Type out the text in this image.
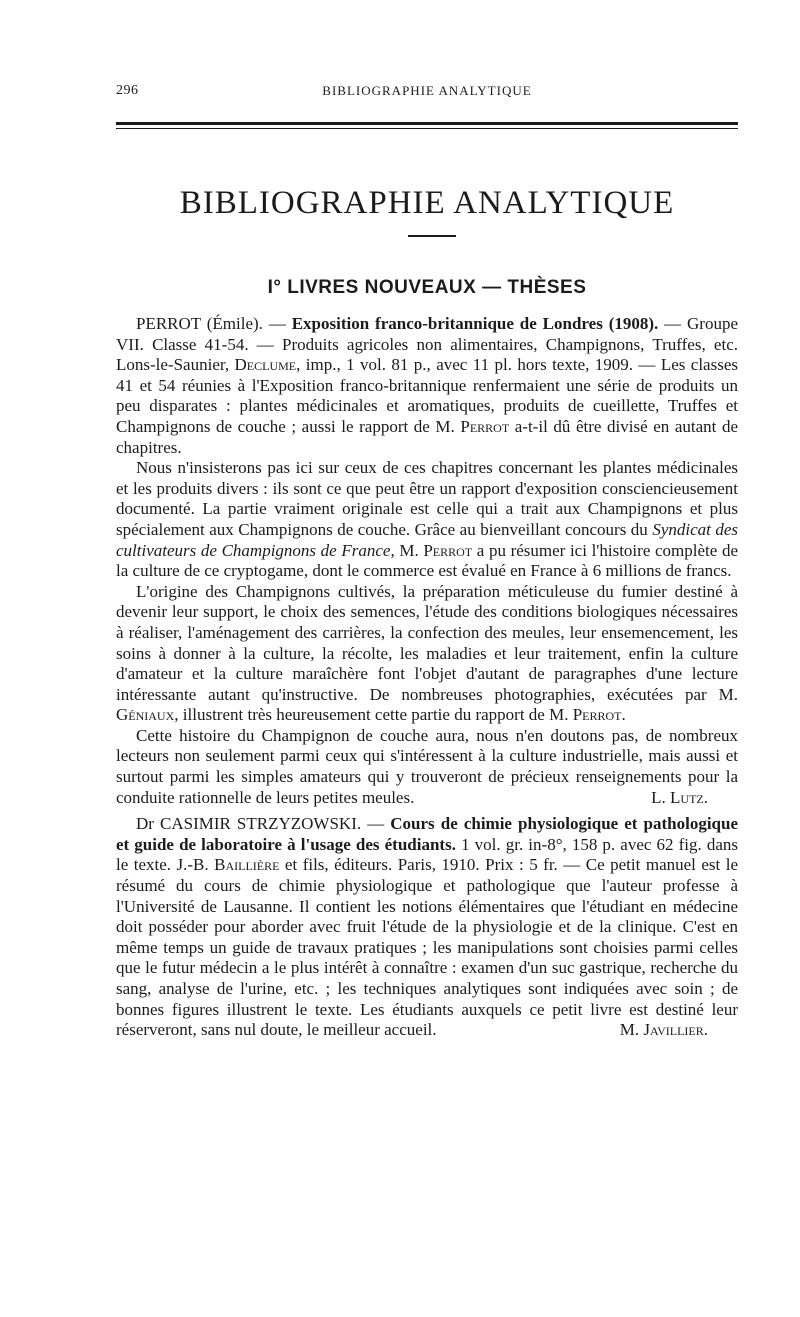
296	BIBLIOGRAPHIE ANALYTIQUE
BIBLIOGRAPHIE ANALYTIQUE
I° LIVRES NOUVEAUX — THÈSES

PERROT (Émile). — Exposition franco-britannique de Londres (1908). — Groupe VII. Classe 41-54. — Produits agricoles non alimentaires, Champignons, Truffes, etc. Lons-le-Saunier, Declume, imp., 1 vol. 81 p., avec 11 pl. hors texte, 1909. — Les classes 41 et 54 réunies à l'Exposition franco-britannique renfermaient une série de produits un peu disparates : plantes médicinales et aromatiques, produits de cueillette, Truffes et Champignons de couche ; aussi le rapport de M. Perrot a-t-il dû être divisé en autant de chapitres.

Nous n'insisterons pas ici sur ceux de ces chapitres concernant les plantes médicinales et les produits divers : ils sont ce que peut être un rapport d'exposition consciencieusement documenté. La partie vraiment originale est celle qui a trait aux Champignons et plus spécialement aux Champignons de couche. Grâce au bienveillant concours du Syndicat des cultivateurs de Champignons de France, M. Perrot a pu résumer ici l'histoire complète de la culture de ce cryptogame, dont le commerce est évalué en France à 6 millions de francs.

L'origine des Champignons cultivés, la préparation méticuleuse du fumier destiné à devenir leur support, le choix des semences, l'étude des conditions biologiques nécessaires à réaliser, l'aménagement des carrières, la confection des meules, leur ensemencement, les soins à donner à la culture, la récolte, les maladies et leur traitement, enfin la culture d'amateur et la culture maraîchère font l'objet d'autant de paragraphes d'une lecture intéressante autant qu'instructive. De nombreuses photographies, exécutées par M. Géniaux, illustrent très heureusement cette partie du rapport de M. Perrot.

Cette histoire du Champignon de couche aura, nous n'en doutons pas, de nombreux lecteurs non seulement parmi ceux qui s'intéressent à la culture industrielle, mais aussi et surtout parmi les simples amateurs qui y trouveront de précieux renseignements pour la conduite rationnelle de leurs petites meules.	L. Lutz.

Dr CASIMIR STRZYZOWSKI. — Cours de chimie physiologique et pathologique et guide de laboratoire à l'usage des étudiants. 1 vol. gr. in-8°, 158 p. avec 62 fig. dans le texte. J.-B. Baillière et fils, éditeurs. Paris, 1910. Prix : 5 fr. — Ce petit manuel est le résumé du cours de chimie physiologique et pathologique que l'auteur professe à l'Université de Lausanne. Il contient les notions élémentaires que l'étudiant en médecine doit posséder pour aborder avec fruit l'étude de la physiologie et de la clinique. C'est en même temps un guide de travaux pratiques ; les manipulations sont choisies parmi celles que le futur médecin a le plus intérêt à connaître : examen d'un suc gastrique, recherche du sang, analyse de l'urine, etc. ; les techniques analytiques sont indiquées avec soin ; de bonnes figures illustrent le texte. Les étudiants auxquels ce petit livre est destiné leur réserveront, sans nul doute, le meilleur accueil.	M. Javillier.
